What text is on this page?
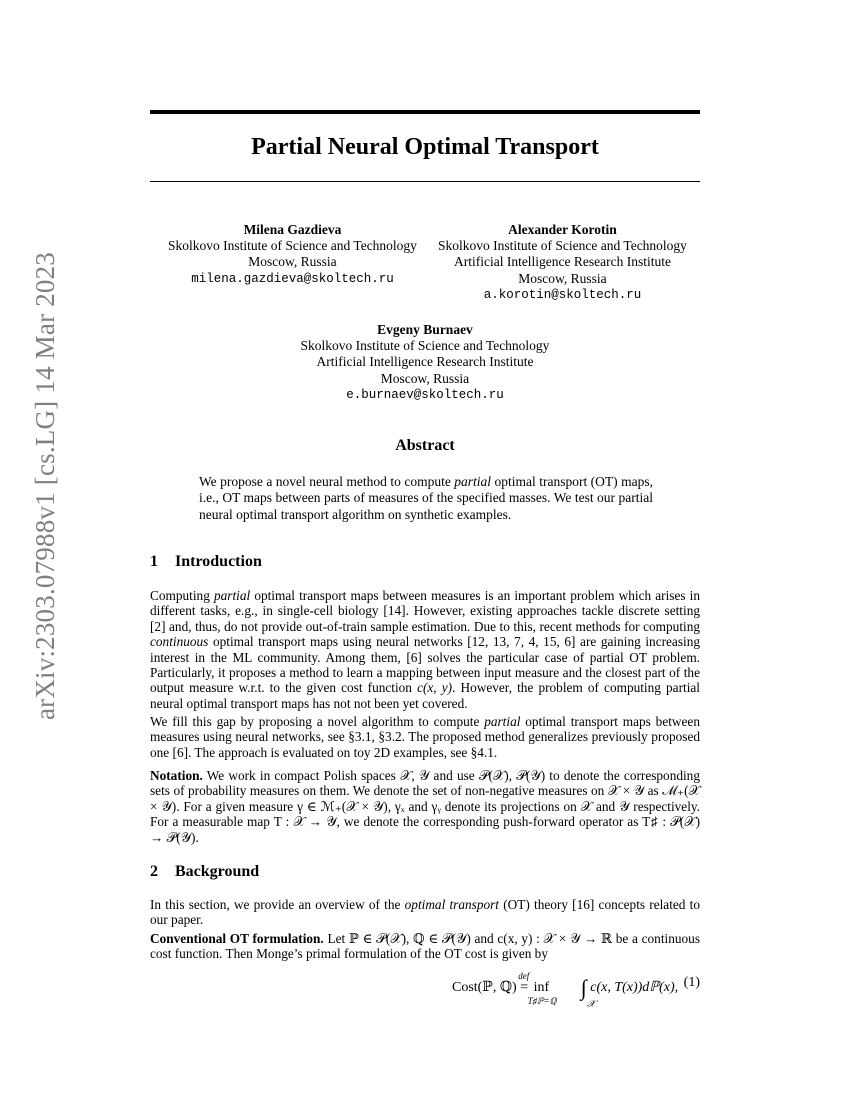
arXiv:2303.07988v1 [cs.LG] 14 Mar 2023
Partial Neural Optimal Transport
Milena Gazdieva
Skolkovo Institute of Science and Technology
Moscow, Russia
milena.gazdieva@skoltech.ru
Alexander Korotin
Skolkovo Institute of Science and Technology
Artificial Intelligence Research Institute
Moscow, Russia
a.korotin@skoltech.ru
Evgeny Burnaev
Skolkovo Institute of Science and Technology
Artificial Intelligence Research Institute
Moscow, Russia
e.burnaev@skoltech.ru
Abstract
We propose a novel neural method to compute partial optimal transport (OT) maps, i.e., OT maps between parts of measures of the specified masses. We test our partial neural optimal transport algorithm on synthetic examples.
1 Introduction
Computing partial optimal transport maps between measures is an important problem which arises in different tasks, e.g., in single-cell biology [14]. However, existing approaches tackle discrete setting [2] and, thus, do not provide out-of-train sample estimation. Due to this, recent methods for computing continuous optimal transport maps using neural networks [12, 13, 7, 4, 15, 6] are gaining increasing interest in the ML community. Among them, [6] solves the particular case of partial OT problem. Particularly, it proposes a method to learn a mapping between input measure and the closest part of the output measure w.r.t. to the given cost function c(x, y). However, the problem of computing partial neural optimal transport maps has not not been yet covered.
We fill this gap by proposing a novel algorithm to compute partial optimal transport maps between measures using neural networks, see §3.1, §3.2. The proposed method generalizes previously proposed one [6]. The approach is evaluated on toy 2D examples, see §4.1.
Notation. We work in compact Polish spaces 𝒳, 𝒴 and use 𝒫(𝒳), 𝒫(𝒴) to denote the corresponding sets of probability measures on them. We denote the set of non-negative measures on 𝒳 × 𝒴 as ℳ₊(𝒳 × 𝒴). For a given measure γ ∈ ℳ₊(𝒳 × 𝒴), γₓ and γᵧ denote its projections on 𝒳 and 𝒴 respectively. For a measurable map T : 𝒳 → 𝒴, we denote the corresponding push-forward operator as T♯ : 𝒫(𝒳) → 𝒫(𝒴).
2 Background
In this section, we provide an overview of the optimal transport (OT) theory [16] concepts related to our paper.
Conventional OT formulation. Let ℙ ∈ 𝒫(𝒳), ℚ ∈ 𝒫(𝒴) and c(x, y) : 𝒳 × 𝒴 → ℝ be a continuous cost function. Then Monge’s primal formulation of the OT cost is given by
Cost(ℙ, ℚ)
def
= inf
T♯ℙ=ℚ
∫
𝒳
c(x, T(x))dℙ(x), (1)
